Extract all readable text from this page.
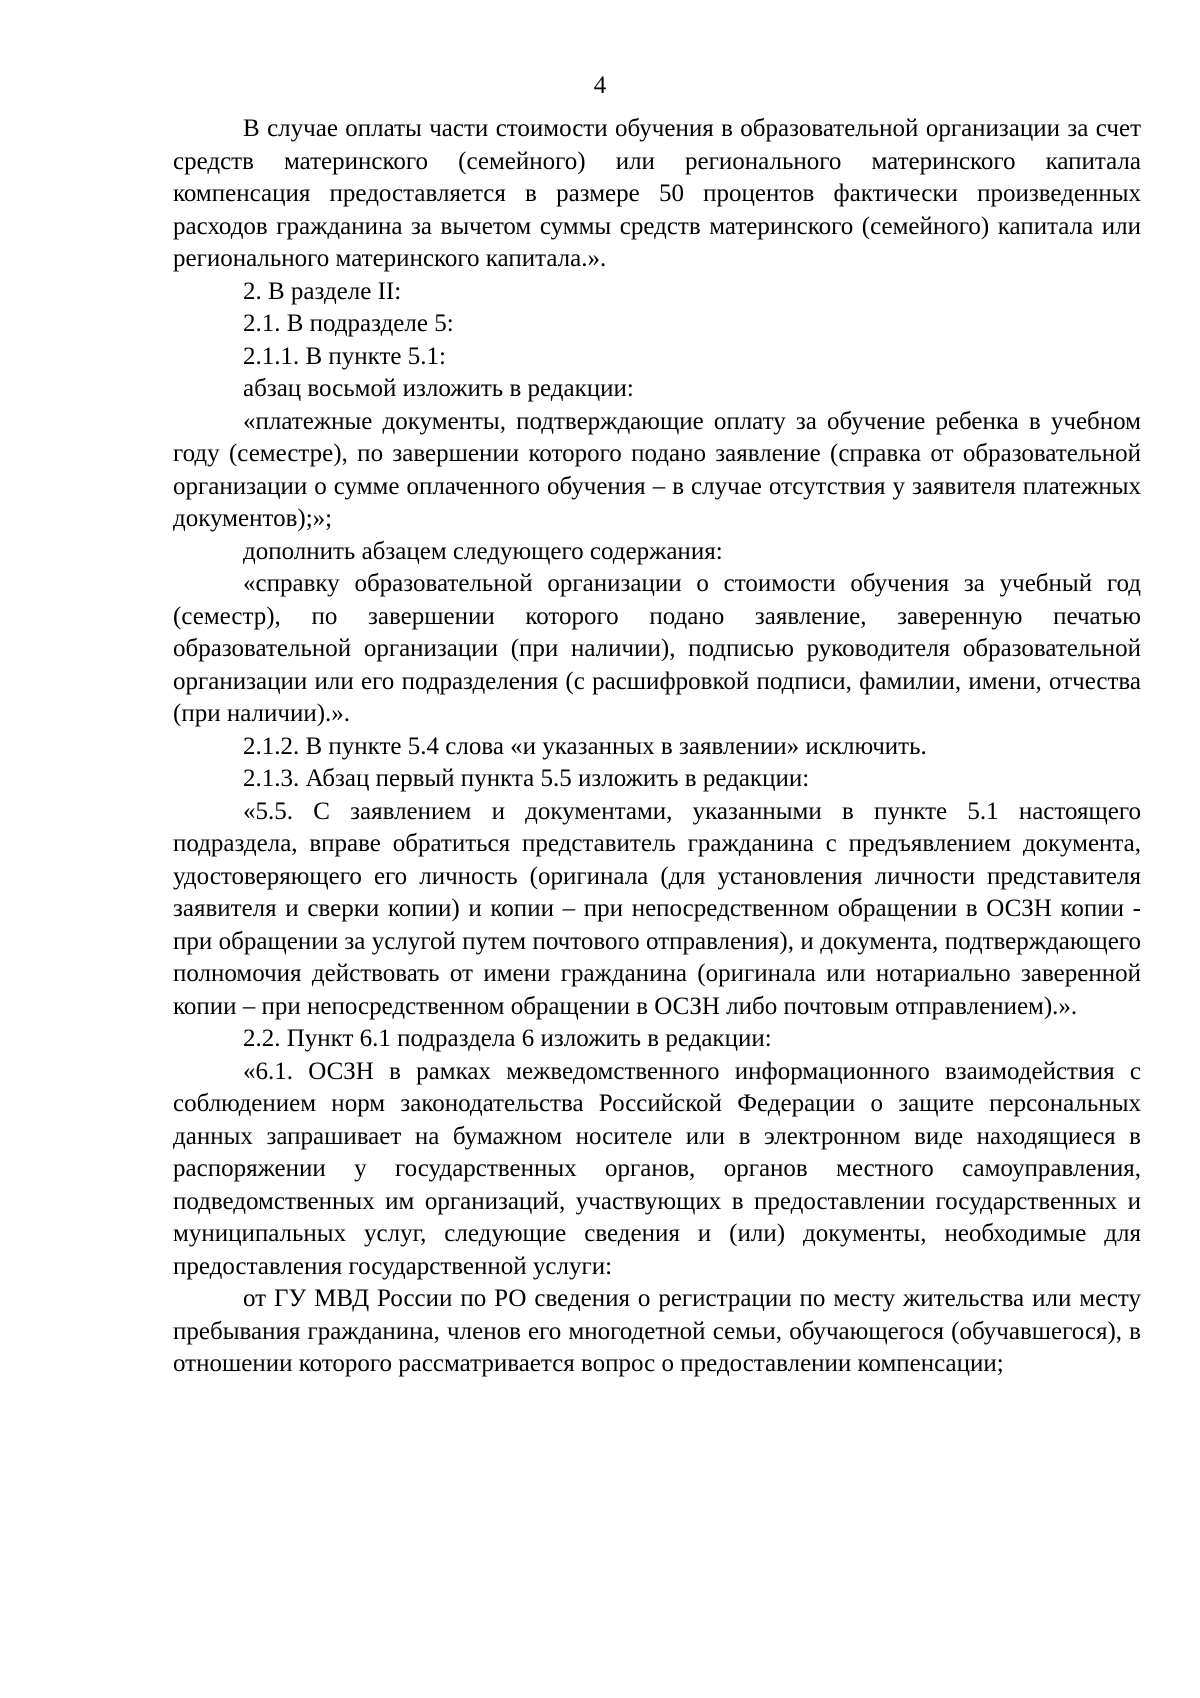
4

В случае оплаты части стоимости обучения в образовательной организации за счет средств материнского (семейного) или регионального материнского капитала компенсация предоставляется в размере 50 процентов фактически произведенных расходов гражданина за вычетом суммы средств материнского (семейного) капитала или регионального материнского капитала.».

2. В разделе II:

2.1. В подразделе 5:

2.1.1. В пункте 5.1:

абзац восьмой изложить в редакции:

«платежные документы, подтверждающие оплату за обучение ребенка в учебном году (семестре), по завершении которого подано заявление (справка от образовательной организации о сумме оплаченного обучения – в случае отсутствия у заявителя платежных документов);»;

дополнить абзацем следующего содержания:

«справку образовательной организации о стоимости обучения за учебный год (семестр), по завершении которого подано заявление, заверенную печатью образовательной организации (при наличии), подписью руководителя образовательной организации или его подразделения (с расшифровкой подписи, фамилии, имени, отчества (при наличии).».

2.1.2. В пункте 5.4 слова «и указанных в заявлении» исключить.

2.1.3. Абзац первый пункта 5.5 изложить в редакции:

«5.5. С заявлением и документами, указанными в пункте 5.1 настоящего подраздела, вправе обратиться представитель гражданина с предъявлением документа, удостоверяющего его личность (оригинала (для установления личности представителя заявителя и сверки копии) и копии – при непосредственном обращении в ОСЗН копии - при обращении за услугой путем почтового отправления), и документа, подтверждающего полномочия действовать от имени гражданина (оригинала или нотариально заверенной копии – при непосредственном обращении в ОСЗН либо почтовым отправлением).».

2.2. Пункт 6.1 подраздела 6 изложить в редакции:

«6.1. ОСЗН в рамках межведомственного информационного взаимодействия с соблюдением норм законодательства Российской Федерации о защите персональных данных запрашивает на бумажном носителе или в электронном виде находящиеся в распоряжении у государственных органов, органов местного самоуправления, подведомственных им организаций, участвующих в предоставлении государственных и муниципальных услуг, следующие сведения и (или) документы, необходимые для предоставления государственной услуги:

от ГУ МВД России по РО сведения о регистрации по месту жительства или месту пребывания гражданина, членов его многодетной семьи, обучающегося (обучавшегося), в отношении которого рассматривается вопрос о предоставлении компенсации;
